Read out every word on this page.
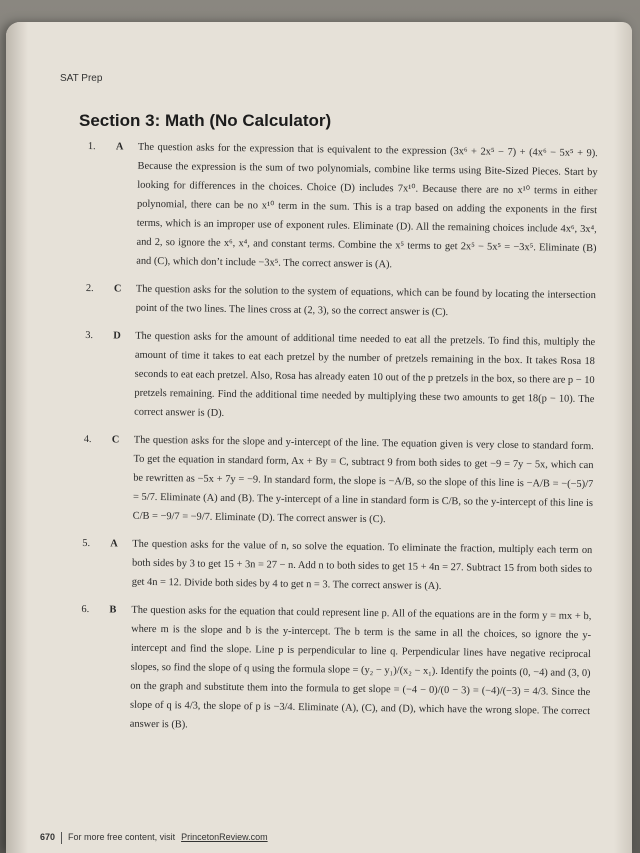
SAT Prep
Section 3: Math (No Calculator)
1.	A	The question asks for the expression that is equivalent to the expression (3x⁶ + 2x⁵ − 7) + (4x⁶ − 5x⁵ + 9). Because the expression is the sum of two polynomials, combine like terms using Bite-Sized Pieces. Start by looking for differences in the choices. Choice (D) includes 7x¹⁰. Because there are no x¹⁰ terms in either polynomial, there can be no x¹⁰ term in the sum. This is a trap based on adding the exponents in the first terms, which is an improper use of exponent rules. Eliminate (D). All the remaining choices include 4x⁶, 3x⁴, and 2, so ignore the x⁶, x⁴, and constant terms. Combine the x⁵ terms to get 2x⁵ − 5x⁵ = −3x⁵. Eliminate (B) and (C), which don’t include −3x⁵. The correct answer is (A).
2.	C	The question asks for the solution to the system of equations, which can be found by locating the intersection point of the two lines. The lines cross at (2, 3), so the correct answer is (C).
3.	D	The question asks for the amount of additional time needed to eat all the pretzels. To find this, multiply the amount of time it takes to eat each pretzel by the number of pretzels remaining in the box. It takes Rosa 18 seconds to eat each pretzel. Also, Rosa has already eaten 10 out of the p pretzels in the box, so there are p − 10 pretzels remaining. Find the additional time needed by multiplying these two amounts to get 18(p − 10). The correct answer is (D).
4.	C	The question asks for the slope and y-intercept of the line. The equation given is very close to standard form. To get the equation in standard form, Ax + By = C, subtract 9 from both sides to get −9 = 7y − 5x, which can be rewritten as −5x + 7y = −9. In standard form, the slope is −A/B, so the slope of this line is −A/B = −(−5)/7 = 5/7. Eliminate (A) and (B). The y-intercept of a line in standard form is C/B, so the y-intercept of this line is C/B = −9/7 = −9/7. Eliminate (D). The correct answer is (C).
5.	A	The question asks for the value of n, so solve the equation. To eliminate the fraction, multiply each term on both sides by 3 to get 15 + 3n = 27 − n. Add n to both sides to get 15 + 4n = 27. Subtract 15 from both sides to get 4n = 12. Divide both sides by 4 to get n = 3. The correct answer is (A).
6.	B	The question asks for the equation that could represent line p. All of the equations are in the form y = mx + b, where m is the slope and b is the y-intercept. The b term is the same in all the choices, so ignore the y-intercept and find the slope. Line p is perpendicular to line q. Perpendicular lines have negative reciprocal slopes, so find the slope of q using the formula slope = (y₂ − y₁)/(x₂ − x₁). Identify the points (0, −4) and (3, 0) on the graph and substitute them into the formula to get slope = (−4 − 0)/(0 − 3) = (−4)/(−3) = 4/3. Since the slope of q is 4/3, the slope of p is −3/4. Eliminate (A), (C), and (D), which have the wrong slope. The correct answer is (B).
670 For more free content, visit PrincetonReview.com
